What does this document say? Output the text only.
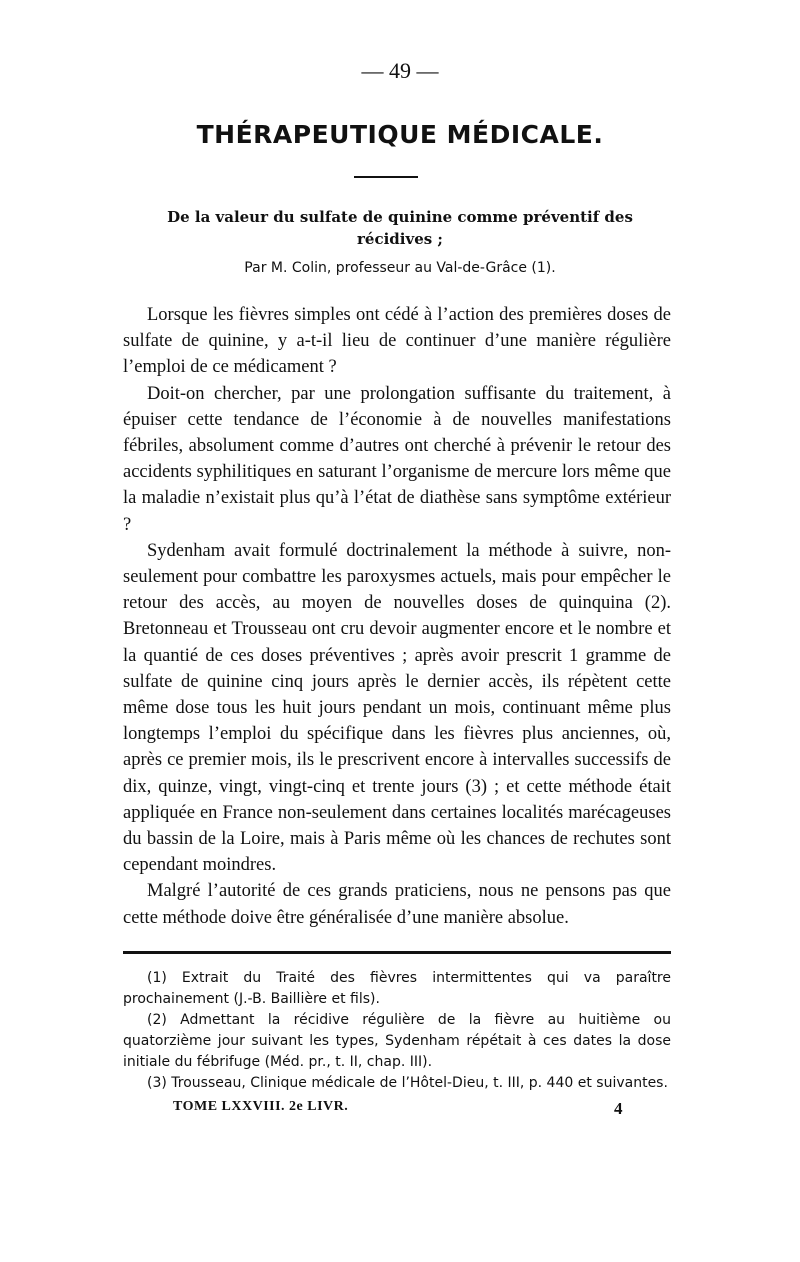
— 49 —
THÉRAPEUTIQUE MÉDICALE.
De la valeur du sulfate de quinine comme préventif des récidives ;
Par M. Colin, professeur au Val-de-Grâce (1).

Lorsque les fièvres simples ont cédé à l’action des premières doses de sulfate de quinine, y a-t-il lieu de continuer d’une manière régulière l’emploi de ce médicament ?

Doit-on chercher, par une prolongation suffisante du traitement, à épuiser cette tendance de l’économie à de nouvelles manifestations fébriles, absolument comme d’autres ont cherché à prévenir le retour des accidents syphilitiques en saturant l’organisme de mercure lors même que la maladie n’existait plus qu’à l’état de diathèse sans symptôme extérieur ?

Sydenham avait formulé doctrinalement la méthode à suivre, non-seulement pour combattre les paroxysmes actuels, mais pour empêcher le retour des accès, au moyen de nouvelles doses de quinquina (2). Bretonneau et Trousseau ont cru devoir augmenter encore et le nombre et la quantié de ces doses préventives ; après avoir prescrit 1 gramme de sulfate de quinine cinq jours après le dernier accès, ils répètent cette même dose tous les huit jours pendant un mois, continuant même plus longtemps l’emploi du spécifique dans les fièvres plus anciennes, où, après ce premier mois, ils le prescrivent encore à intervalles successifs de dix, quinze, vingt, vingt-cinq et trente jours (3) ; et cette méthode était appliquée en France non-seulement dans certaines localités marécageuses du bassin de la Loire, mais à Paris même où les chances de rechutes sont cependant moindres.

Malgré l’autorité de ces grands praticiens, nous ne pensons pas que cette méthode doive être généralisée d’une manière absolue.

(1) Extrait du Traité des fièvres intermittentes qui va paraître prochainement (J.-B. Baillière et fils).

(2) Admettant la récidive régulière de la fièvre au huitième ou quatorzième jour suivant les types, Sydenham répétait à ces dates la dose initiale du fébrifuge (Méd. pr., t. II, chap. III).

(3) Trousseau, Clinique médicale de l’Hôtel-Dieu, t. III, p. 440 et suivantes.

TOME LXXVIII. 2e LIVR.	4
